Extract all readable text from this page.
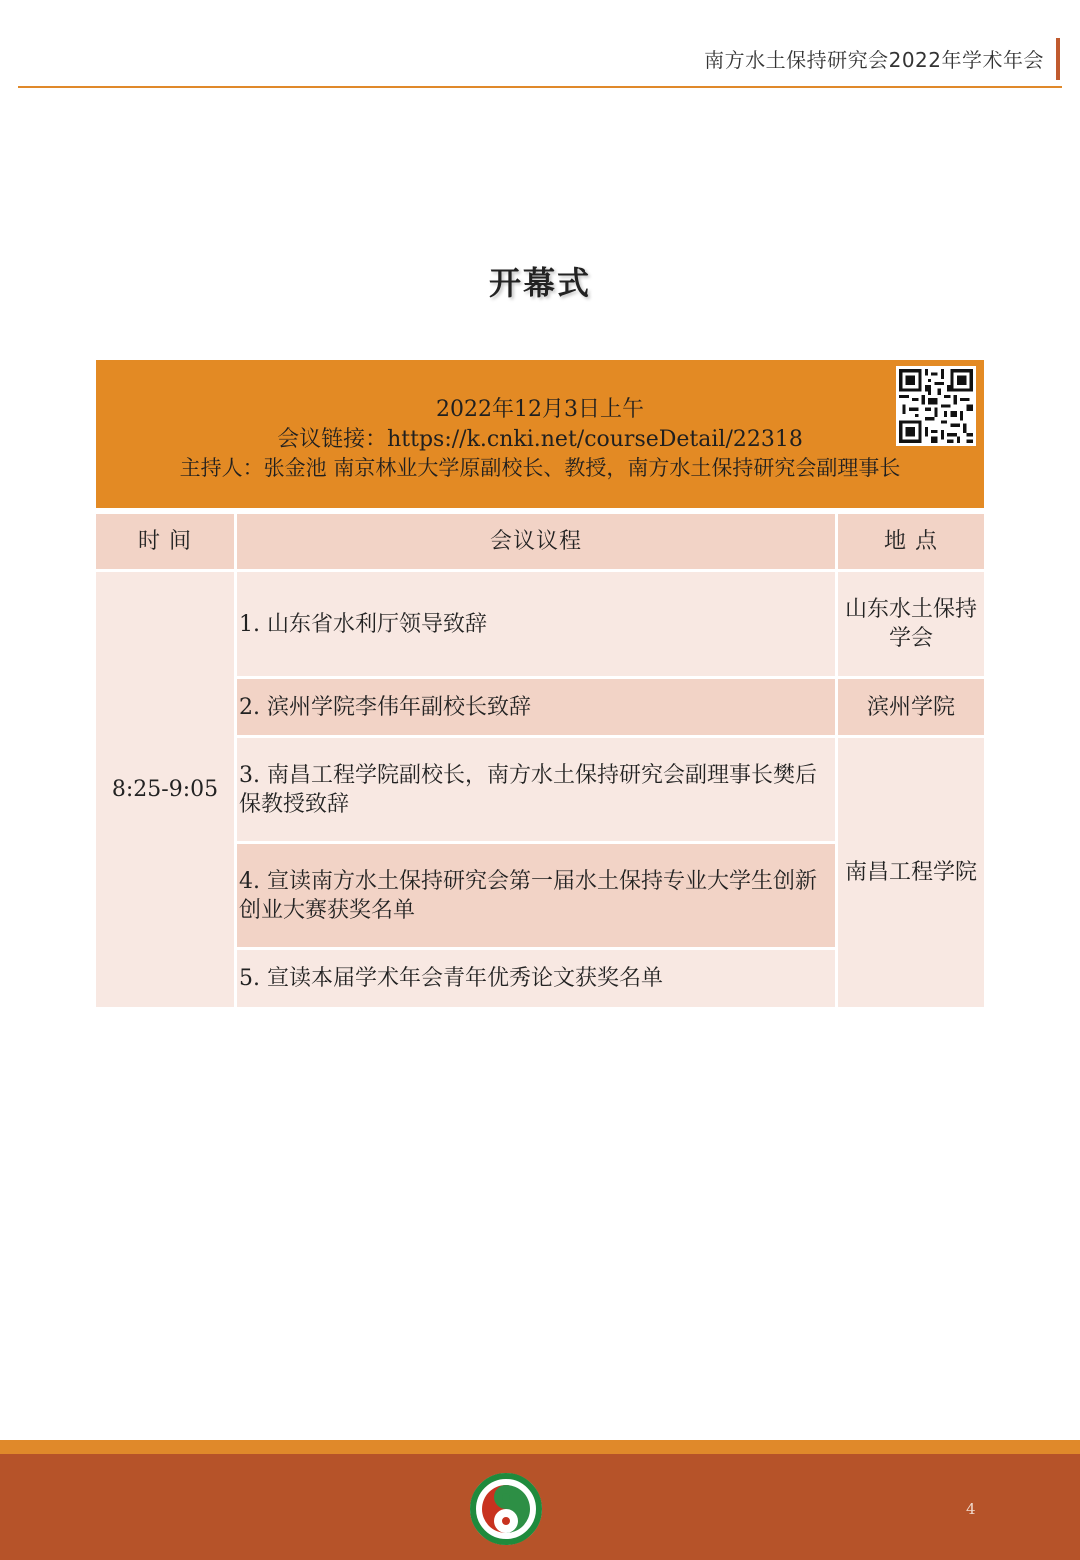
南方水土保持研究会2022年学术年会
开幕式
2022年12月3日上午
会议链接：https://k.cnki.net/courseDetail/22318
主持人：张金池 南京林业大学原副校长、教授，南方水土保持研究会副理事长
时 间	会议议程	地 点
8:25-9:05
1. 山东省水利厅领导致辞
2. 滨州学院李伟年副校长致辞
3. 南昌工程学院副校长，南方水土保持研究会副理事长樊后保教授致辞
4. 宣读南方水土保持研究会第一届水土保持专业大学生创新创业大赛获奖名单
5. 宣读本届学术年会青年优秀论文获奖名单
山东水土保持学会
滨州学院
南昌工程学院
4
